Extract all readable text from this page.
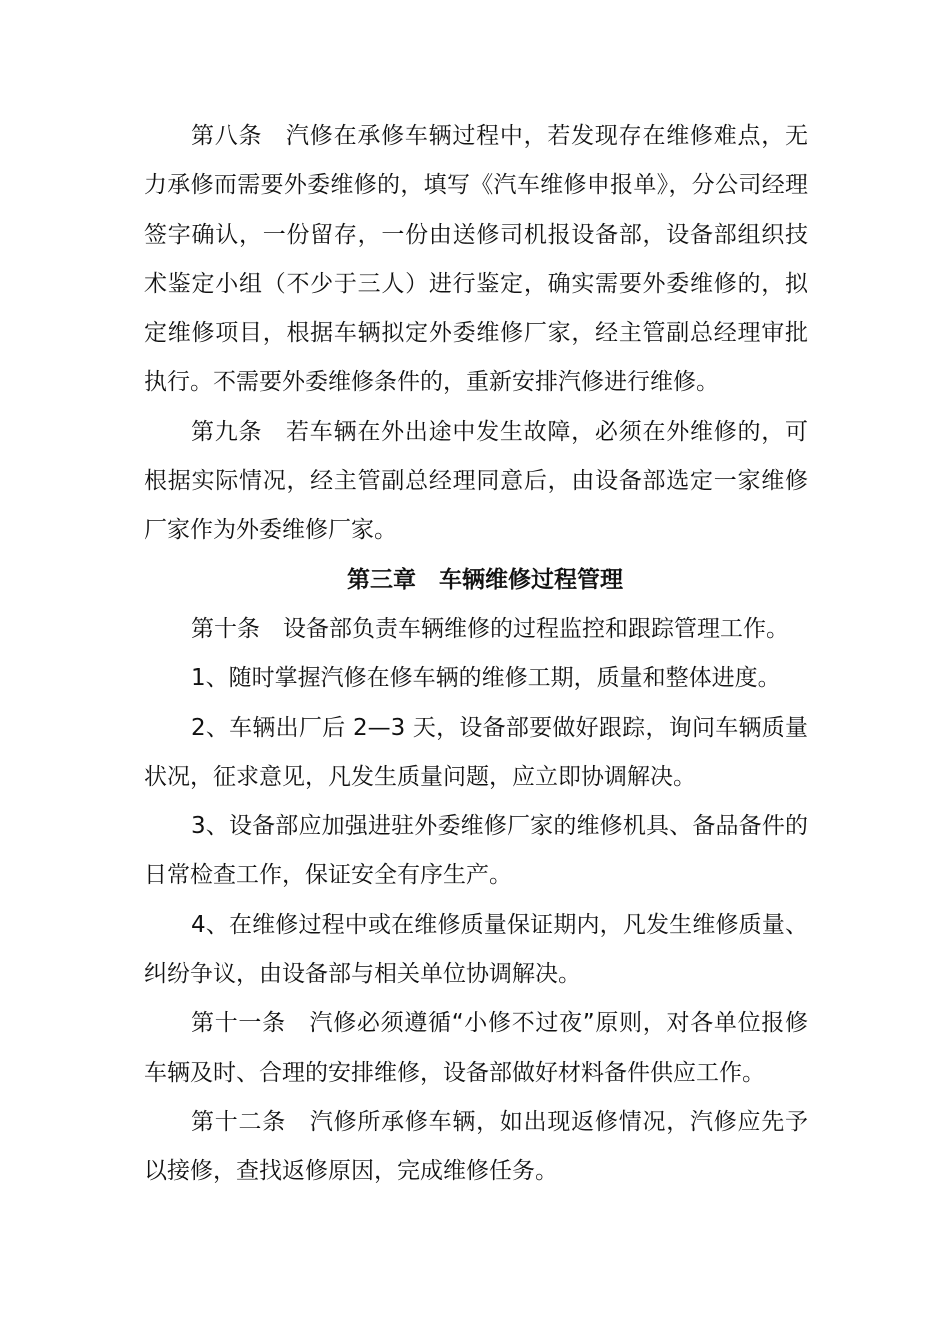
第八条　汽修在承修车辆过程中，若发现存在维修难点，无力承修而需要外委维修的，填写《汽车维修申报单》，分公司经理签字确认，一份留存，一份由送修司机报设备部，设备部组织技术鉴定小组（不少于三人）进行鉴定，确实需要外委维修的，拟定维修项目，根据车辆拟定外委维修厂家，经主管副总经理审批执行。不需要外委维修条件的，重新安排汽修进行维修。

第九条　若车辆在外出途中发生故障，必须在外维修的，可根据实际情况，经主管副总经理同意后，由设备部选定一家维修厂家作为外委维修厂家。

第三章　车辆维修过程管理

第十条　设备部负责车辆维修的过程监控和跟踪管理工作。

1、随时掌握汽修在修车辆的维修工期，质量和整体进度。

2、车辆出厂后 2—3 天，设备部要做好跟踪，询问车辆质量状况，征求意见，凡发生质量问题，应立即协调解决。

3、设备部应加强进驻外委维修厂家的维修机具、备品备件的日常检查工作，保证安全有序生产。

4、在维修过程中或在维修质量保证期内，凡发生维修质量、纠纷争议，由设备部与相关单位协调解决。

第十一条　汽修必须遵循“小修不过夜”原则，对各单位报修车辆及时、合理的安排维修，设备部做好材料备件供应工作。

第十二条　汽修所承修车辆，如出现返修情况，汽修应先予以接修，查找返修原因，完成维修任务。
